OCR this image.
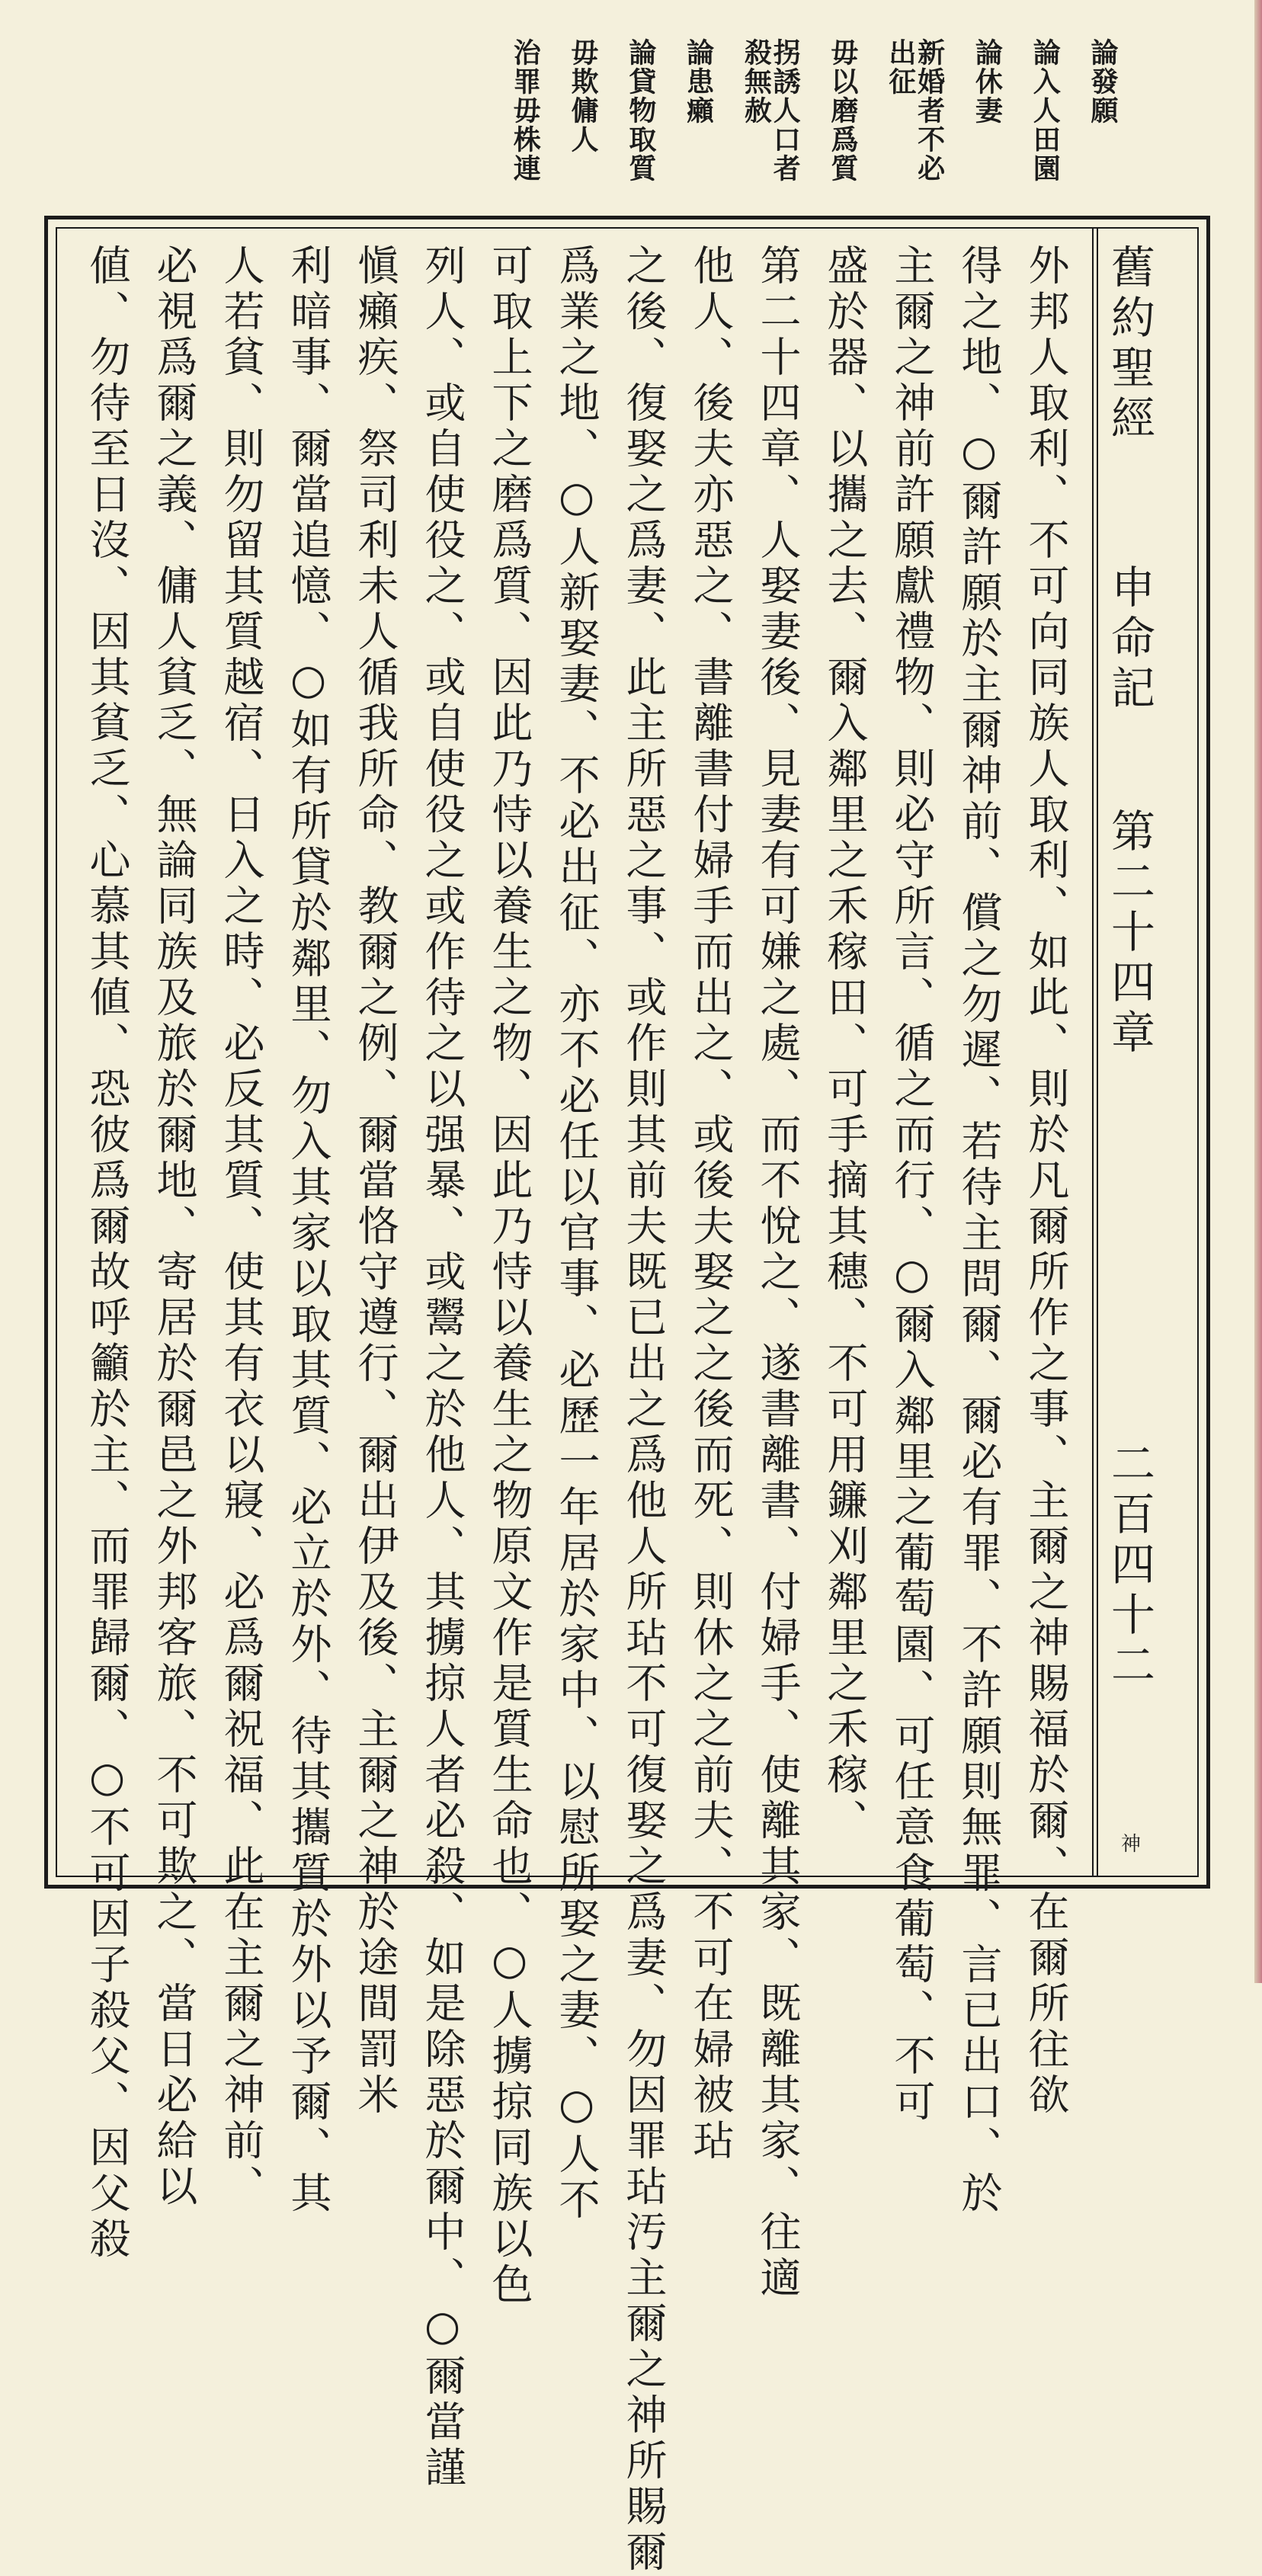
論發願
論入人田園
論休妻
新婚者不必
出征
毋以磨爲質
拐誘人口者
殺無赦
論患癩
論貸物取質
毋欺傭人
治罪毋株連
舊約聖經
申命記
第二十四章
二百四十二
神
外邦人取利、不可向同族人取利、如此、則於凡爾所作之事、主爾之神賜福於爾、在爾所往欲
得之地、○爾許願於主爾神前、償之勿遲、若待主問爾、爾必有罪、不許願則無罪、言已出口、於
主爾之神前許願獻禮物、則必守所言、循之而行、○爾入鄰里之葡萄園、可任意食葡萄、不可
盛於器、以攜之去、爾入鄰里之禾稼田、可手摘其穗、不可用鐮刈鄰里之禾稼、
第二十四章、人娶妻後、見妻有可嫌之處、而不悅之、遂書離書、付婦手、使離其家、既離其家、往適
他人、後夫亦惡之、書離書付婦手而出之、或後夫娶之之後而死、則休之之前夫、不可在婦被玷
之後、復娶之爲妻、此主所惡之事、或作則其前夫既已出之爲他人所玷不可復娶之爲妻、勿因罪玷汚主爾之神所賜爾
爲業之地、○人新娶妻、不必出征、亦不必任以官事、必歷一年居於家中、以慰所娶之妻、○人不
可取上下之磨爲質、因此乃恃以養生之物、因此乃恃以養生之物原文作是質生命也、○人擄掠同族以色
列人、或自使役之、或自使役之或作待之以强暴、或鬻之於他人、其擄掠人者必殺、如是除惡於爾中、○爾當謹
愼癩疾、祭司利未人循我所命、教爾之例、爾當恪守遵行、爾出伊及後、主爾之神於途間罰米
利暗事、爾當追憶、○如有所貸於鄰里、勿入其家以取其質、必立於外、待其攜質於外以予爾、其
人若貧、則勿留其質越宿、日入之時、必反其質、使其有衣以寢、必爲爾祝福、此在主爾之神前、
必視爲爾之義、傭人貧乏、無論同族及旅於爾地、寄居於爾邑之外邦客旅、不可欺之、當日必給以
値、勿待至日沒、因其貧乏、心慕其値、恐彼爲爾故呼籲於主、而罪歸爾、○不可因子殺父、因父殺
